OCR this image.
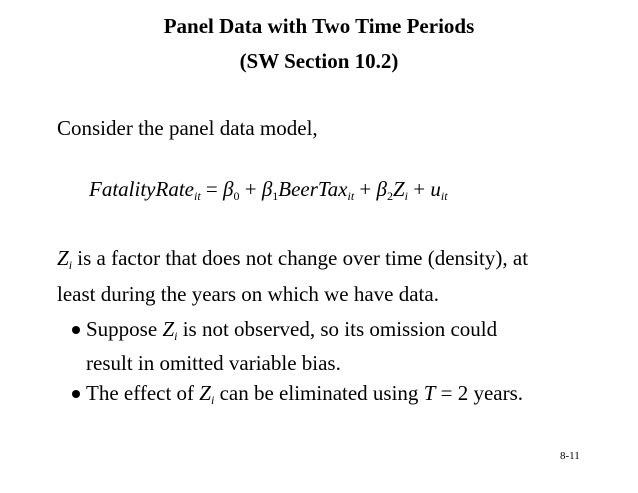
Panel Data with Two Time Periods
(SW Section 10.2)
Consider the panel data model,
FatalityRate$_{it}$ = $\beta_0$ + $\beta_1BeerTax_{it} + \beta_2Z_i + u_{it}$
$Z_i$ is a factor that does not change over time (density), at
least during the years on which we have data.
Suppose $Z_i$ is not observed, so its omission could
result in omitted variable bias.
The effect of $Z_i$ can be eliminated using T = 2 years.
8-11
